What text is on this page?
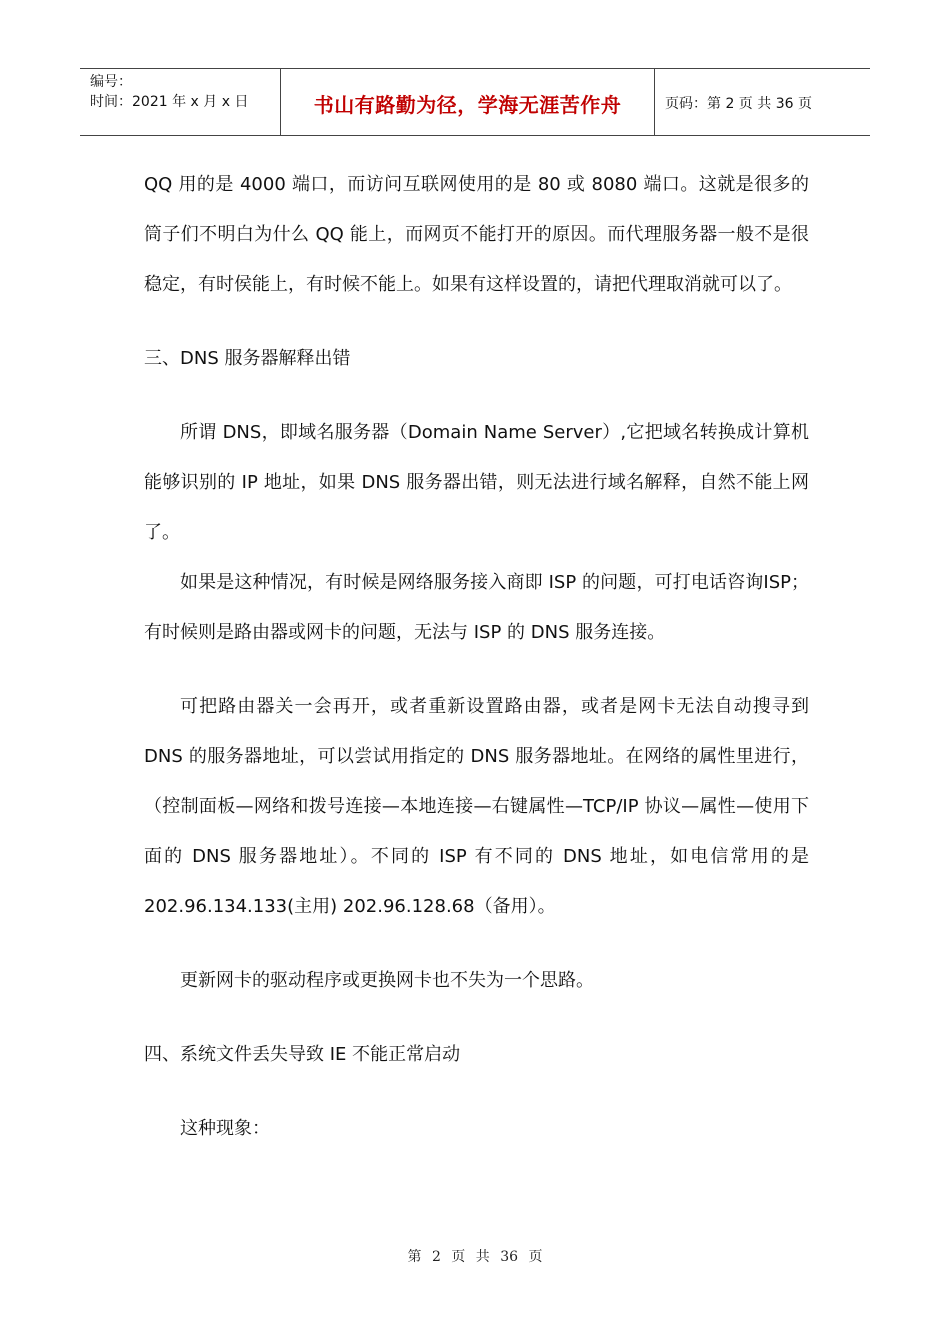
编号：
时间：2021 年 x 月 x 日	书山有路勤为径，学海无涯苦作舟	页码：第 2 页 共 36 页

QQ 用的是 4000 端口，而访问互联网使用的是 80 或 8080 端口。这就是很多的筒子们不明白为什么 QQ 能上，而网页不能打开的原因。而代理服务器一般不是很稳定，有时侯能上，有时候不能上。如果有这样设置的，请把代理取消就可以了。

三、DNS 服务器解释出错

所谓 DNS，即域名服务器（Domain Name Server）,它把域名转换成计算机能够识别的 IP 地址，如果 DNS 服务器出错，则无法进行域名解释，自然不能上网了。

如果是这种情况，有时候是网络服务接入商即 ISP 的问题，可打电话咨询ISP；有时候则是路由器或网卡的问题，无法与 ISP 的 DNS 服务连接。

可把路由器关一会再开，或者重新设置路由器，或者是网卡无法自动搜寻到 DNS 的服务器地址，可以尝试用指定的 DNS 服务器地址。在网络的属性里进行，（控制面板—网络和拨号连接—本地连接—右键属性—TCP/IP 协议—属性—使用下面的 DNS 服务器地址）。不同的 ISP 有不同的 DNS 地址，如电信常用的是 202.96.134.133(主用) 202.96.128.68（备用）。

更新网卡的驱动程序或更换网卡也不失为一个思路。

四、系统文件丢失导致 IE 不能正常启动

这种现象：

第 2 页 共 36 页
